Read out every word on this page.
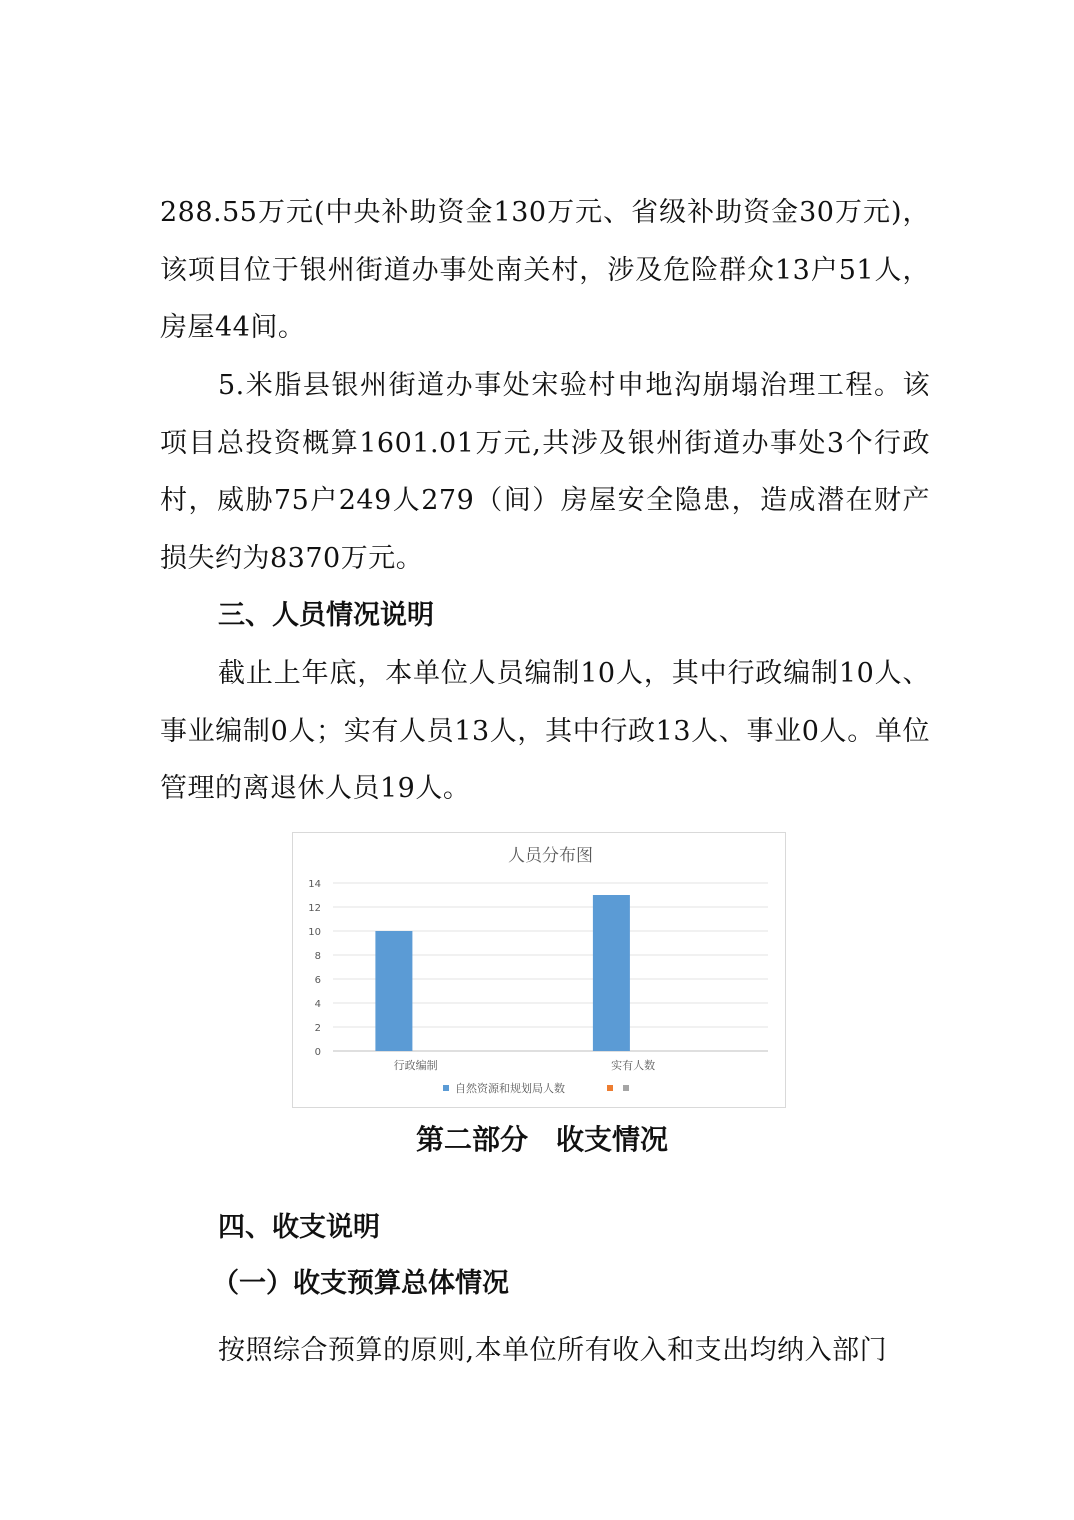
288.55万元(中央补助资金130万元、省级补助资金30万元)，该项目位于银州街道办事处南关村，涉及危险群众13户51人，房屋44间。

5.米脂县银州街道办事处宋验村申地沟崩塌治理工程。该项目总投资概算1601.01万元,共涉及银州街道办事处3个行政村，威胁75户249人279（间）房屋安全隐患，造成潜在财产损失约为8370万元。

三、人员情况说明

截止上年底，本单位人员编制10人，其中行政编制10人、事业编制0人；实有人员13人，其中行政13人、事业0人。单位管理的离退休人员19人。

人员分布图
0
2
4
6
8
10
12
14
行政编制	实有人数
自然资源和规划局人数
第二部分　收支情况
四、收支说明
（一）收支预算总体情况

按照综合预算的原则,本单位所有收入和支出均纳入部门
